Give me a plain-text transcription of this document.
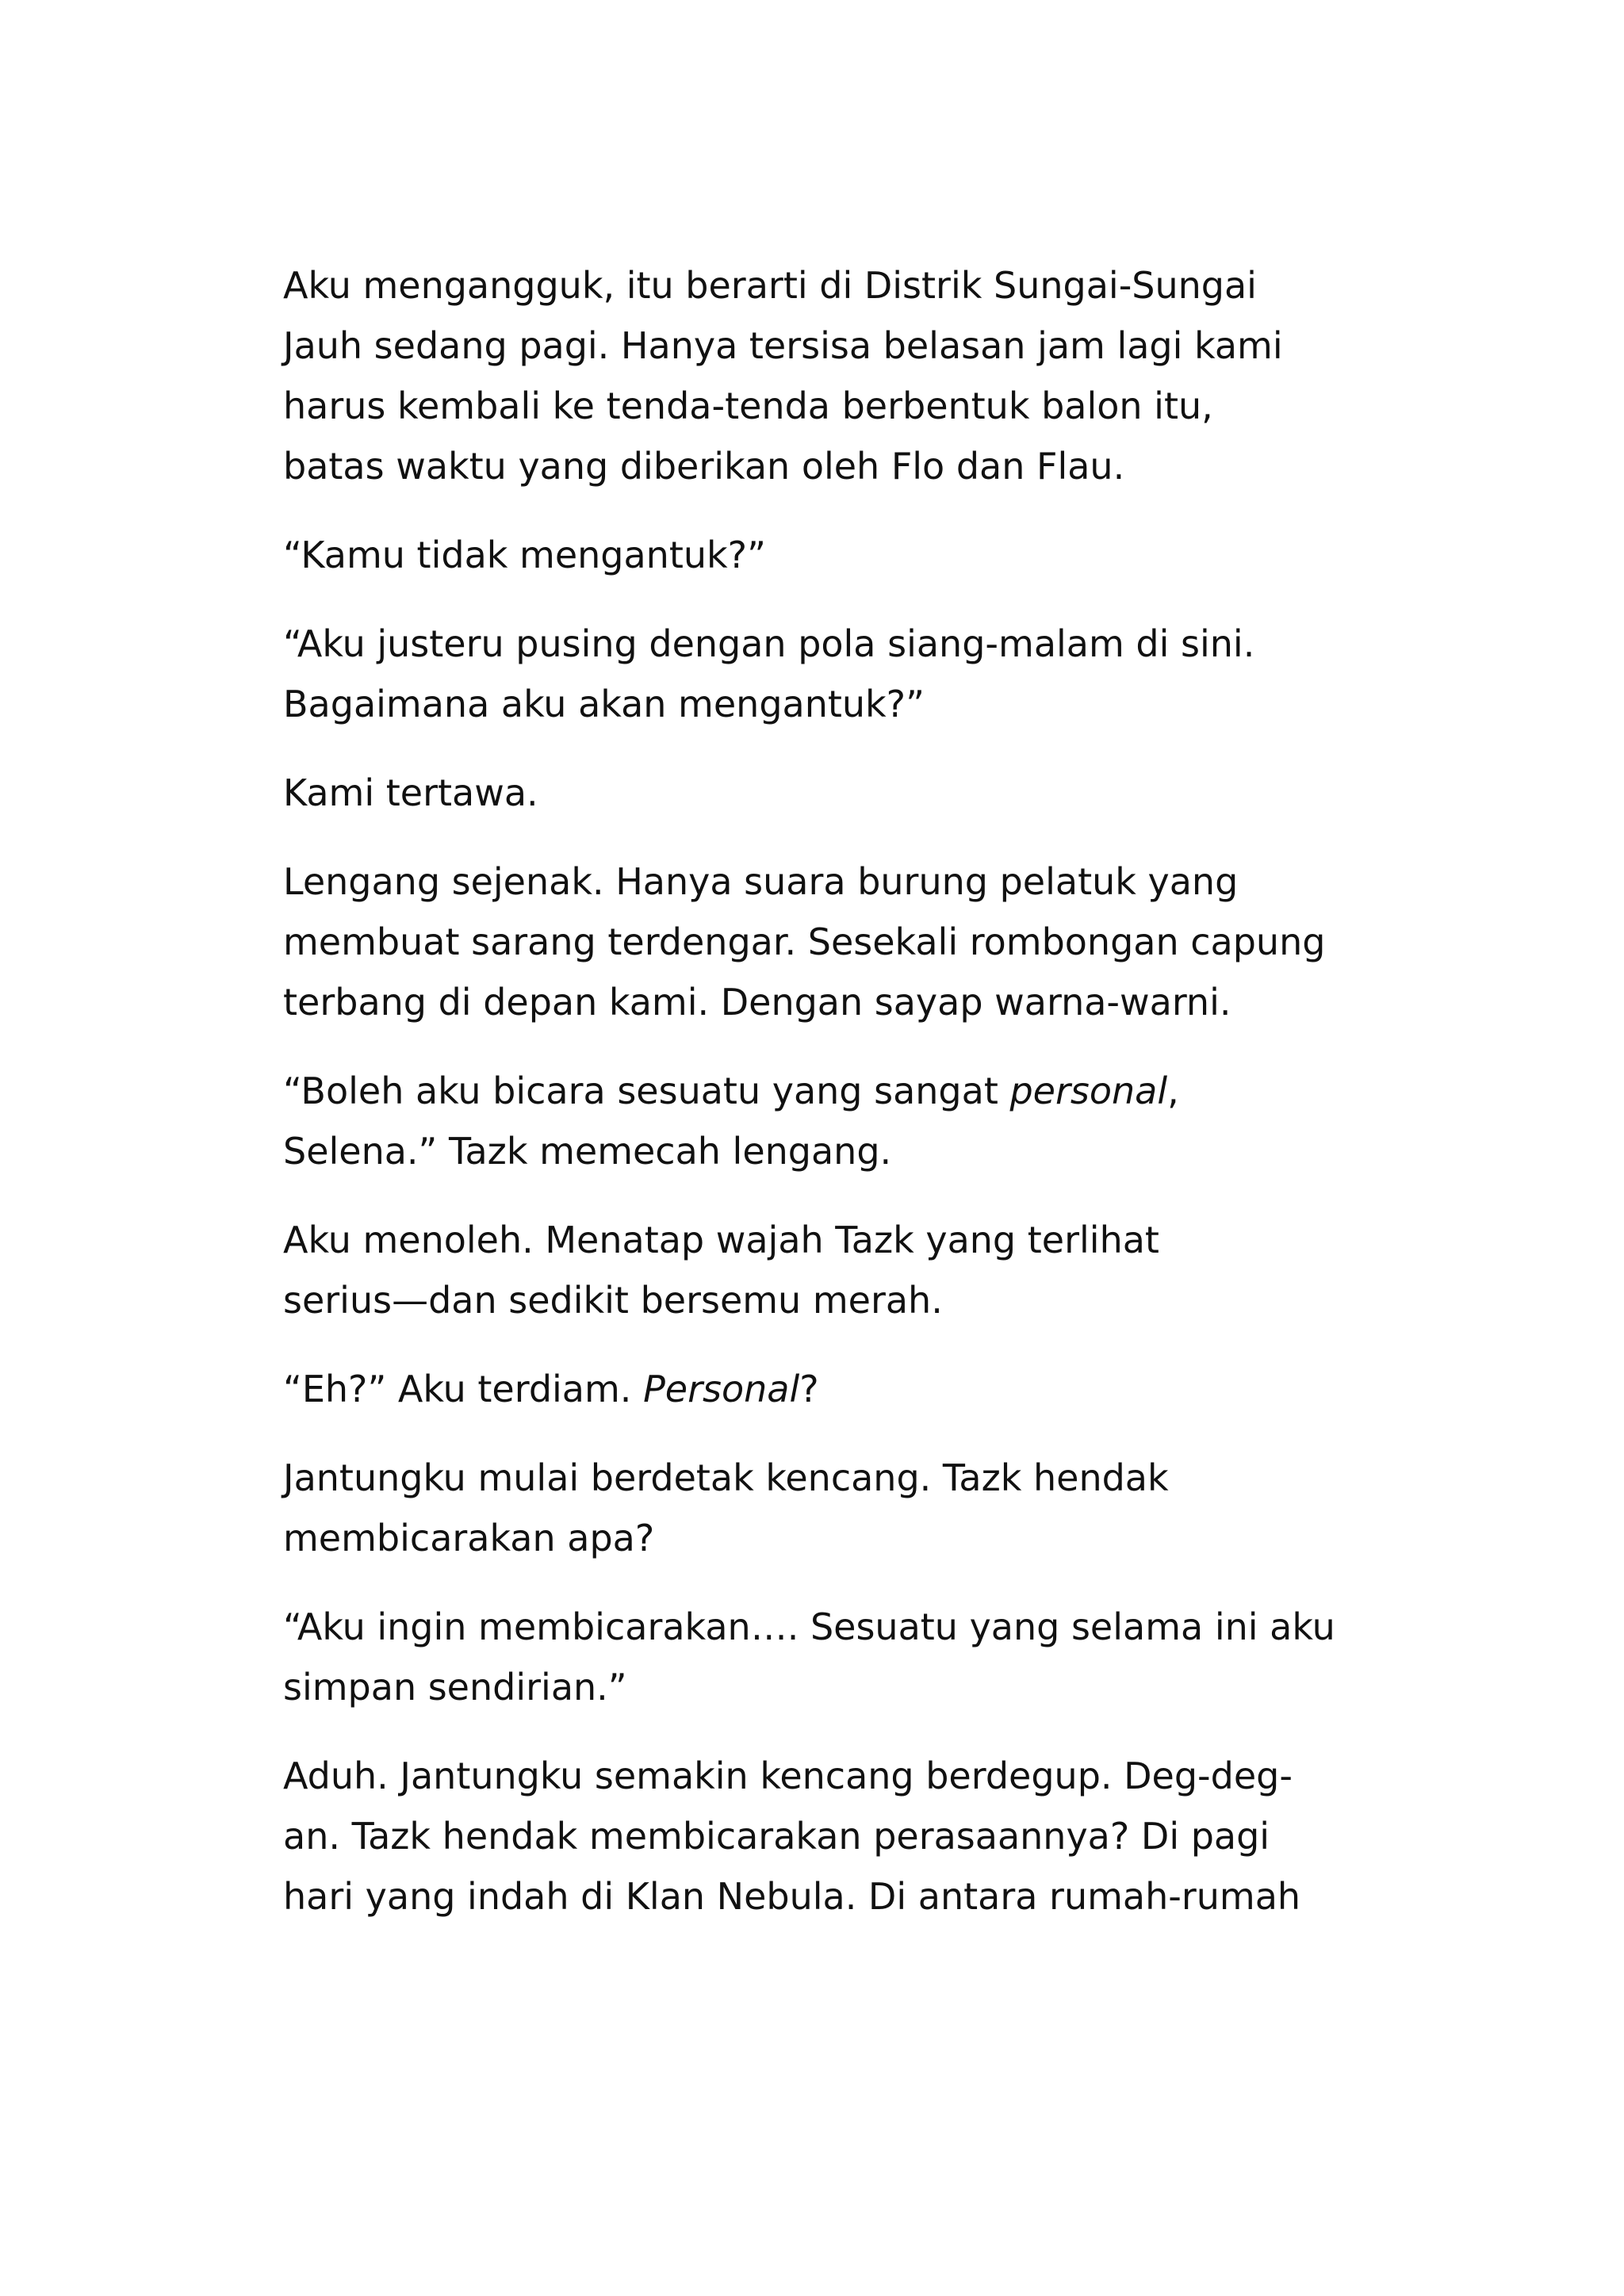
Aku mengangguk, itu berarti di Distrik Sungai-Sungai
Jauh sedang pagi. Hanya tersisa belasan jam lagi kami
harus kembali ke tenda-tenda berbentuk balon itu,
batas waktu yang diberikan oleh Flo dan Flau.

“Kamu tidak mengantuk?”

“Aku justeru pusing dengan pola siang-malam di sini.
Bagaimana aku akan mengantuk?”

Kami tertawa.

Lengang sejenak. Hanya suara burung pelatuk yang
membuat sarang terdengar. Sesekali rombongan capung
terbang di depan kami. Dengan sayap warna-warni.

“Boleh aku bicara sesuatu yang sangat personal,
Selena.” Tazk memecah lengang.

Aku menoleh. Menatap wajah Tazk yang terlihat
serius—dan sedikit bersemu merah.

“Eh?” Aku terdiam. Personal?

Jantungku mulai berdetak kencang. Tazk hendak
membicarakan apa?

“Aku ingin membicarakan…. Sesuatu yang selama ini aku
simpan sendirian.”

Aduh. Jantungku semakin kencang berdegup. Deg-deg-
an. Tazk hendak membicarakan perasaannya? Di pagi
hari yang indah di Klan Nebula. Di antara rumah-rumah
